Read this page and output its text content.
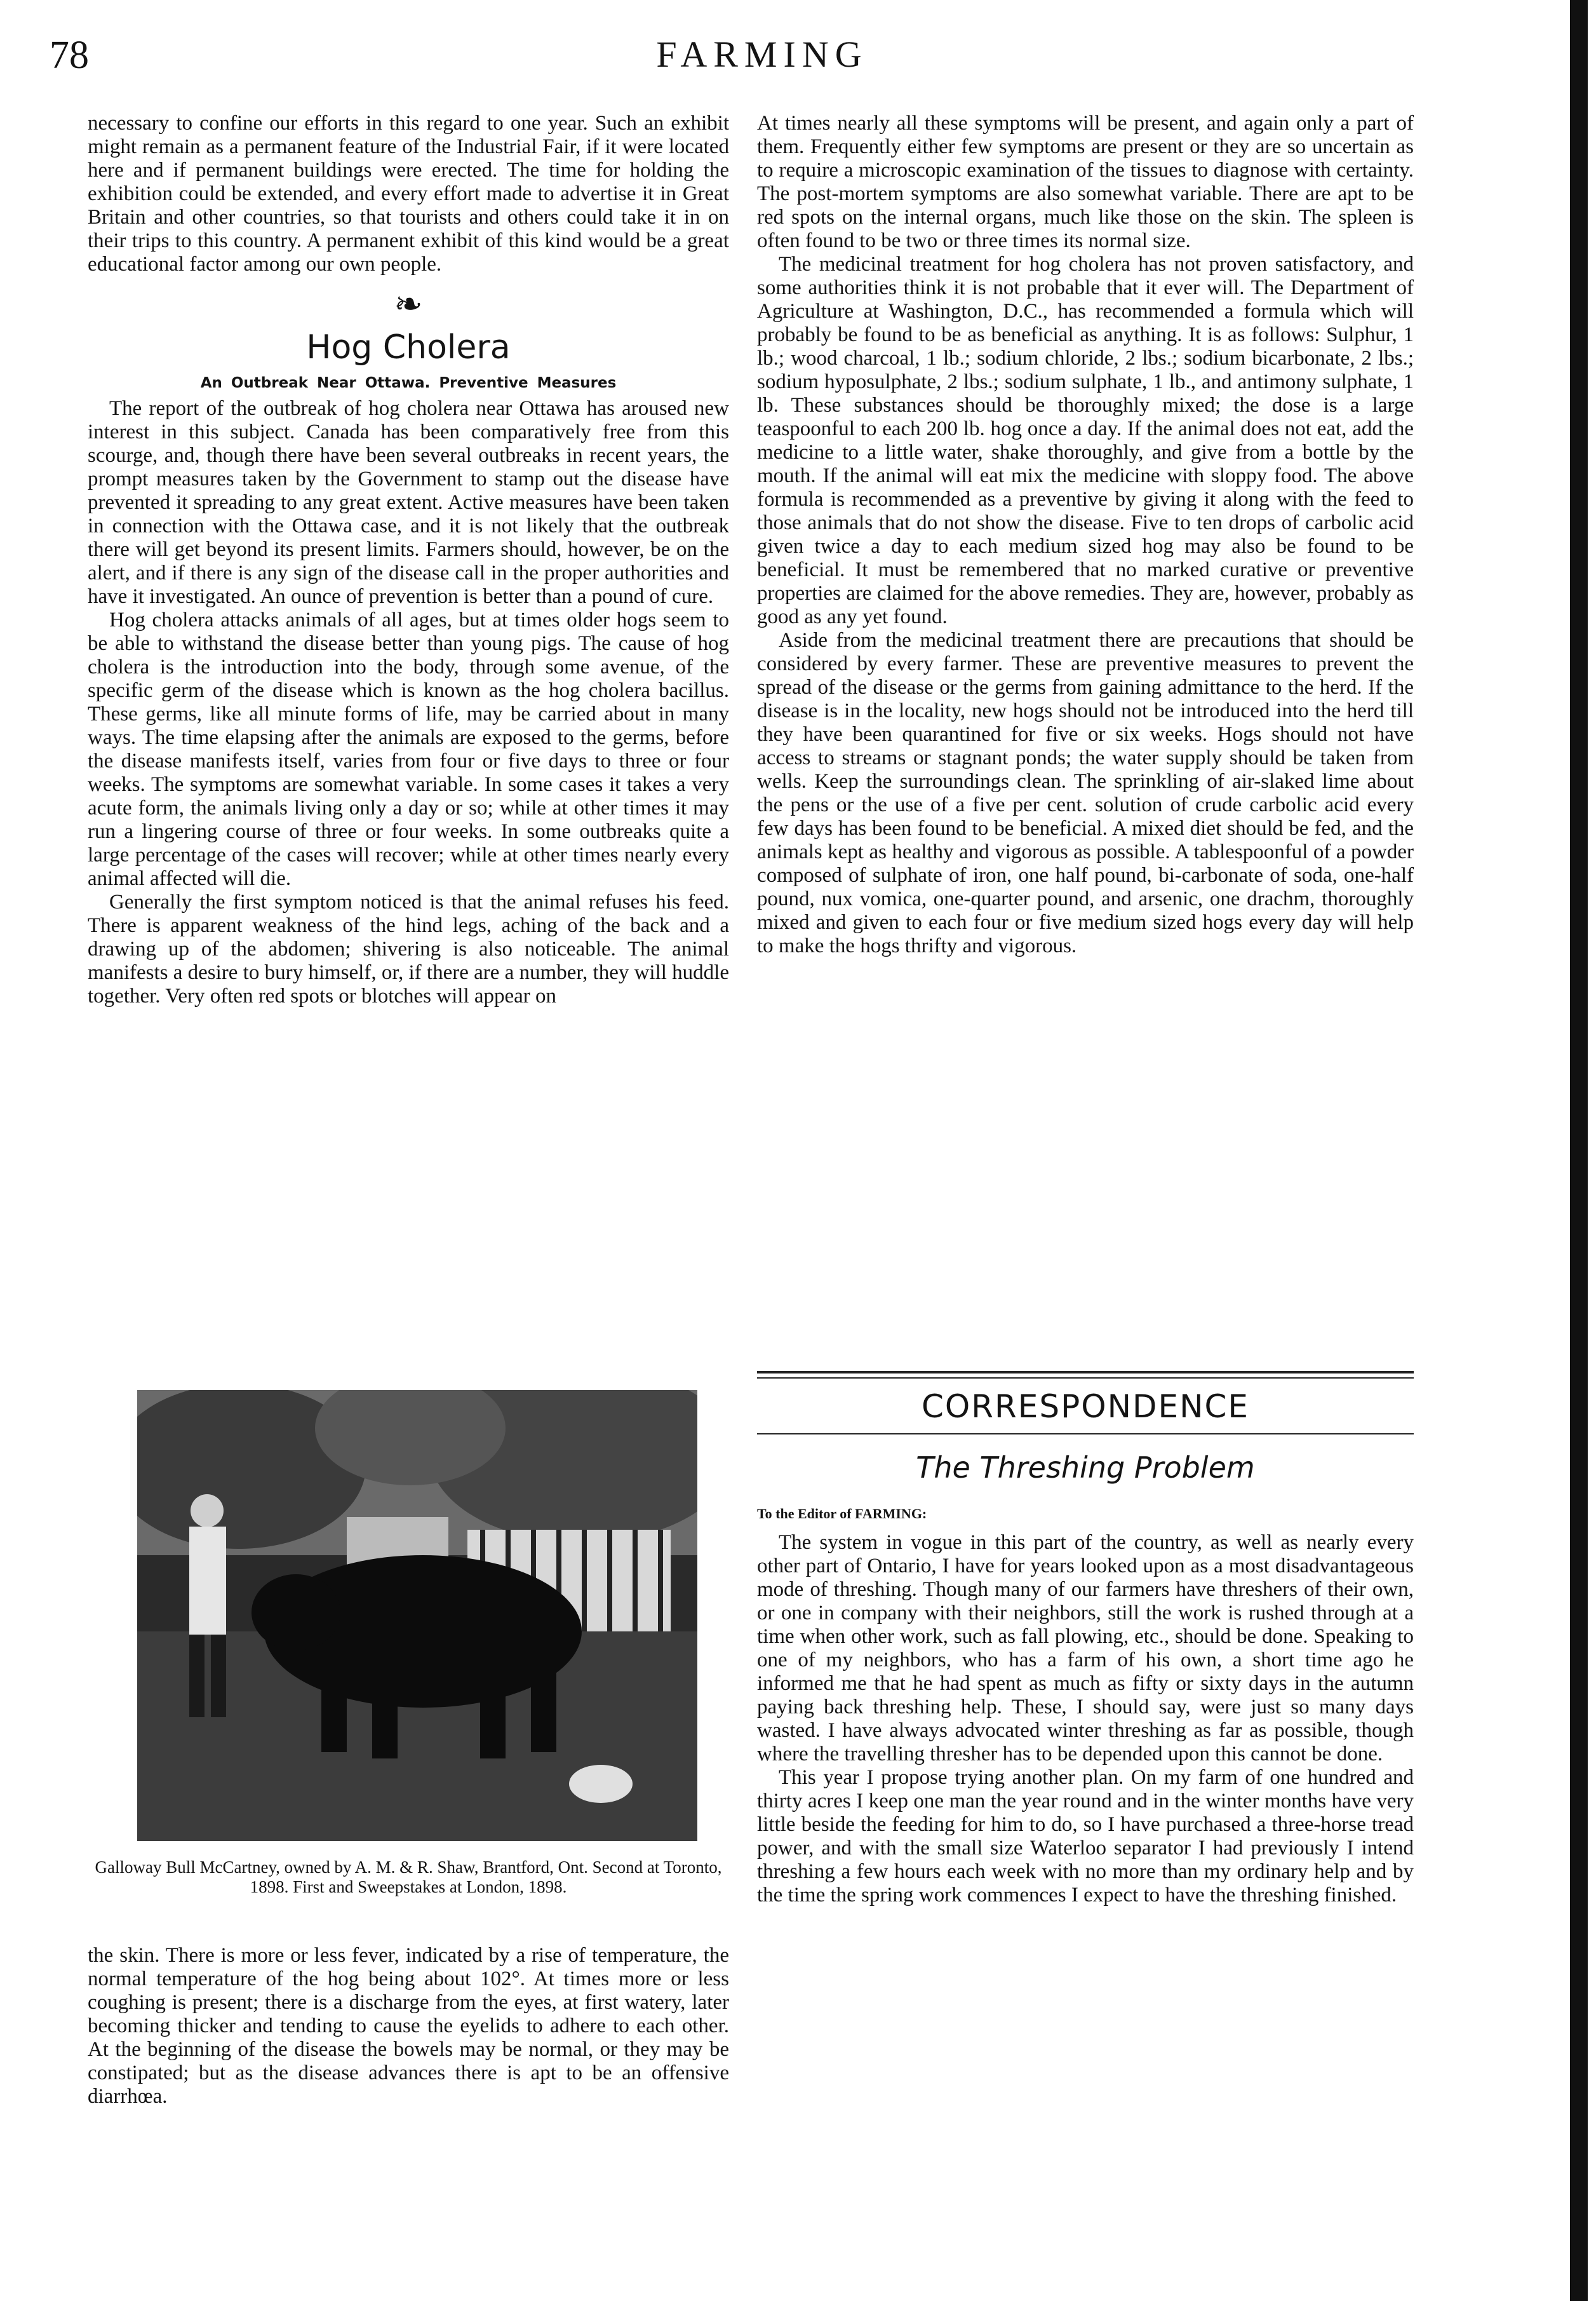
78	FARMING

necessary to confine our efforts in this regard to one year. Such an exhibit might remain as a permanent feature of the Industrial Fair, if it were located here and if permanent buildings were erected. The time for holding the exhibition could be extended, and every effort made to advertise it in Great Britain and other countries, so that tourists and others could take it in on their trips to this country. A permanent exhibit of this kind would be a great educational factor among our own people.

❧
Hog Cholera
An Outbreak Near Ottawa. Preventive Measures

The report of the outbreak of hog cholera near Ottawa has aroused new interest in this subject. Canada has been comparatively free from this scourge, and, though there have been several outbreaks in recent years, the prompt measures taken by the Government to stamp out the disease have prevented it spreading to any great extent. Active measures have been taken in connection with the Ottawa case, and it is not likely that the outbreak there will get beyond its present limits. Farmers should, however, be on the alert, and if there is any sign of the disease call in the proper authorities and have it investigated. An ounce of prevention is better than a pound of cure.

Hog cholera attacks animals of all ages, but at times older hogs seem to be able to withstand the disease better than young pigs. The cause of hog cholera is the introduction into the body, through some avenue, of the specific germ of the disease which is known as the hog cholera bacillus. These germs, like all minute forms of life, may be carried about in many ways. The time elapsing after the animals are exposed to the germs, before the disease manifests itself, varies from four or five days to three or four weeks. The symptoms are somewhat variable. In some cases it takes a very acute form, the animals living only a day or so; while at other times it may run a lingering course of three or four weeks. In some outbreaks quite a large percentage of the cases will recover; while at other times nearly every animal affected will die.

Generally the first symptom noticed is that the animal refuses his feed. There is apparent weakness of the hind legs, aching of the back and a drawing up of the abdomen; shivering is also noticeable. The animal manifests a desire to bury himself, or, if there are a number, they will huddle together. Very often red spots or blotches will appear on

Galloway Bull McCartney, owned by A. M. & R. Shaw, Brantford, Ont. Second at Toronto, 1898. First and Sweepstakes at London, 1898.

the skin. There is more or less fever, indicated by a rise of temperature, the normal temperature of the hog being about 102°. At times more or less coughing is present; there is a discharge from the eyes, at first watery, later becoming thicker and tending to cause the eyelids to adhere to each other. At the beginning of the disease the bowels may be normal, or they may be constipated; but as the disease advances there is apt to be an offensive diarrhœa.

At times nearly all these symptoms will be present, and again only a part of them. Frequently either few symptoms are present or they are so uncertain as to require a microscopic examination of the tissues to diagnose with certainty. The post-mortem symptoms are also somewhat variable. There are apt to be red spots on the internal organs, much like those on the skin. The spleen is often found to be two or three times its normal size.

The medicinal treatment for hog cholera has not proven satisfactory, and some authorities think it is not probable that it ever will. The Department of Agriculture at Washington, D.C., has recommended a formula which will probably be found to be as beneficial as anything. It is as follows: Sulphur, 1 lb.; wood charcoal, 1 lb.; sodium chloride, 2 lbs.; sodium bicarbonate, 2 lbs.; sodium hyposulphate, 2 lbs.; sodium sulphate, 1 lb., and antimony sulphate, 1 lb. These substances should be thoroughly mixed; the dose is a large teaspoonful to each 200 lb. hog once a day. If the animal does not eat, add the medicine to a little water, shake thoroughly, and give from a bottle by the mouth. If the animal will eat mix the medicine with sloppy food. The above formula is recommended as a preventive by giving it along with the feed to those animals that do not show the disease. Five to ten drops of carbolic acid given twice a day to each medium sized hog may also be found to be beneficial. It must be remembered that no marked curative or preventive properties are claimed for the above remedies. They are, however, probably as good as any yet found.

Aside from the medicinal treatment there are precautions that should be considered by every farmer. These are preventive measures to prevent the spread of the disease or the germs from gaining admittance to the herd. If the disease is in the locality, new hogs should not be introduced into the herd till they have been quarantined for five or six weeks. Hogs should not have access to streams or stagnant ponds; the water supply should be taken from wells. Keep the surroundings clean. The sprinkling of air-slaked lime about the pens or the use of a five per cent. solution of crude carbolic acid every few days has been found to be beneficial. A mixed diet should be fed, and the animals kept as healthy and vigorous as possible. A tablespoonful of a powder composed of sulphate of iron, one half pound, bi-carbonate of soda, one-half pound, nux vomica, one-quarter pound, and arsenic, one drachm, thoroughly mixed and given to each four or five medium sized hogs every day will help to make the hogs thrifty and vigorous.

CORRESPONDENCE
The Threshing Problem
To the Editor of FARMING:

The system in vogue in this part of the country, as well as nearly every other part of Ontario, I have for years looked upon as a most disadvantageous mode of threshing. Though many of our farmers have threshers of their own, or one in company with their neighbors, still the work is rushed through at a time when other work, such as fall plowing, etc., should be done. Speaking to one of my neighbors, who has a farm of his own, a short time ago he informed me that he had spent as much as fifty or sixty days in the autumn paying back threshing help. These, I should say, were just so many days wasted. I have always advocated winter threshing as far as possible, though where the travelling thresher has to be depended upon this cannot be done.

This year I propose trying another plan. On my farm of one hundred and thirty acres I keep one man the year round and in the winter months have very little beside the feeding for him to do, so I have purchased a three-horse tread power, and with the small size Waterloo separator I had previously I intend threshing a few hours each week with no more than my ordinary help and by the time the spring work commences I expect to have the threshing finished.
